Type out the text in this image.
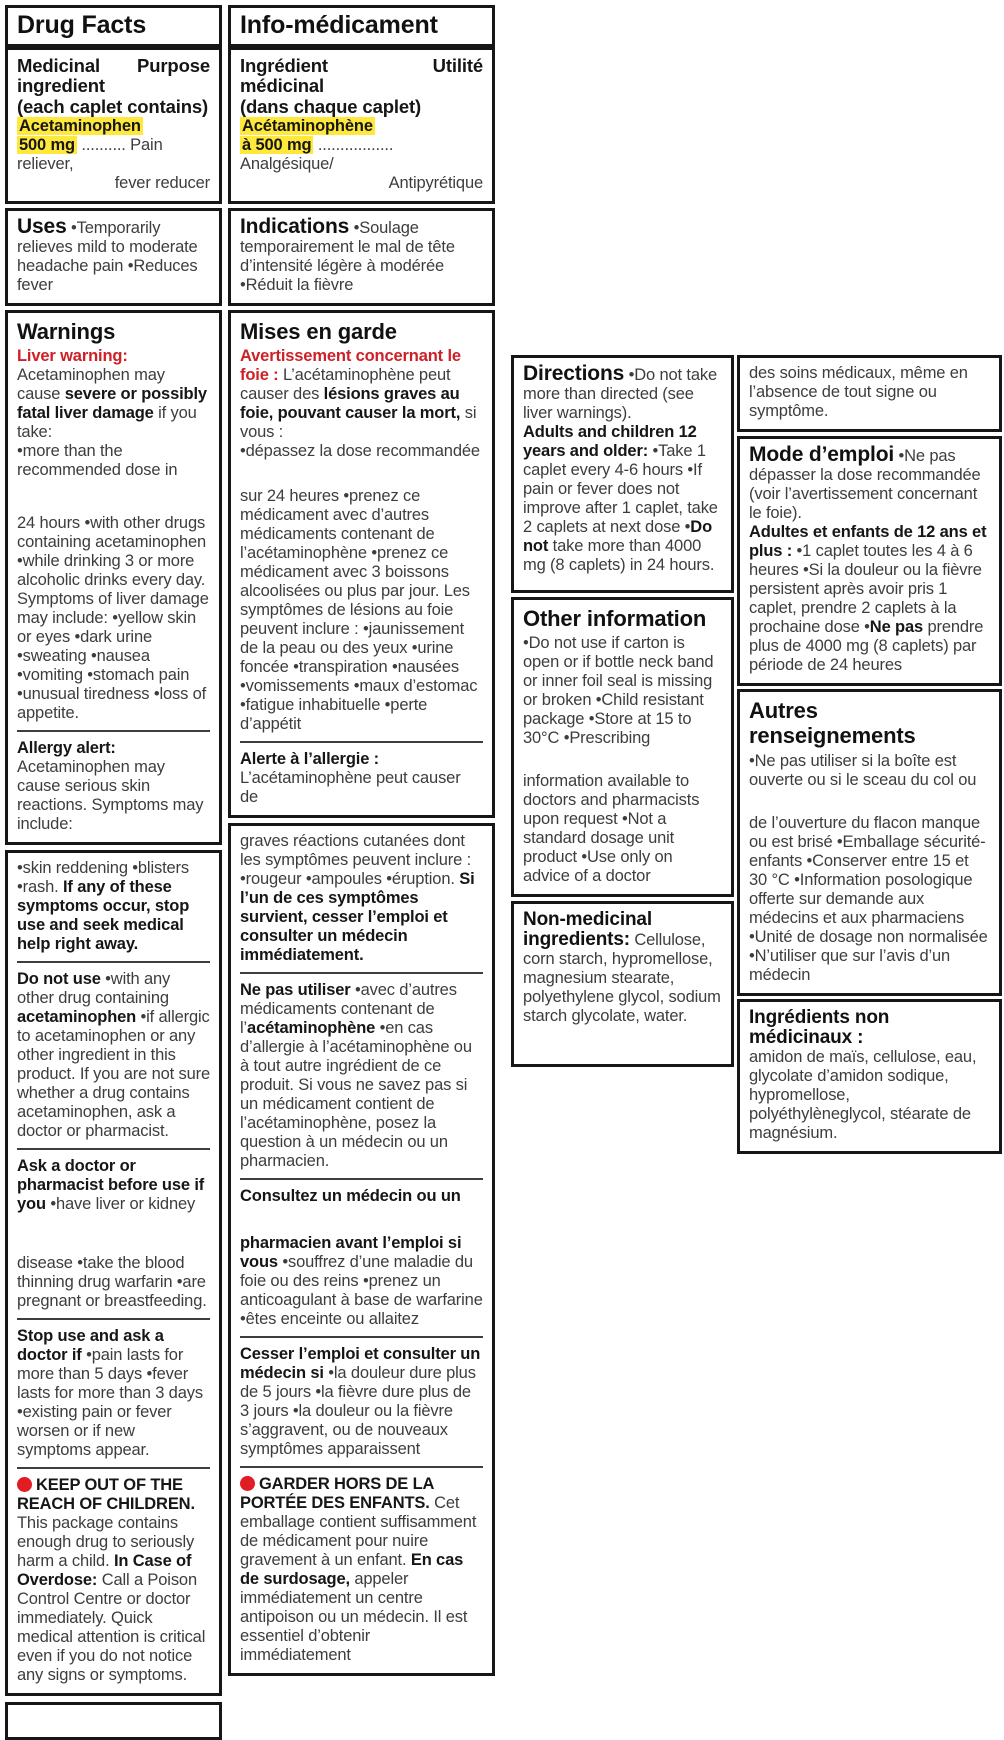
Drug Facts

Medicinal Purpose

ingredient

(each caplet contains)

Acetaminophen

500 mg .......... Pain reliever,

fever reducer

Uses •Temporarily relieves mild to moderate headache pain •Reduces fever

Warnings

Liver warning:

Acetaminophen may cause severe or possibly fatal liver damage if you take:

•more than the recommended dose in

24 hours •with other drugs containing acetaminophen •while drinking 3 or more alcoholic drinks every day. Symptoms of liver damage may include: •yellow skin or eyes •dark urine •sweating •nausea •vomiting •stomach pain •unusual tiredness •loss of appetite.

Allergy alert:

Acetaminophen may cause serious skin reactions. Symptoms may include:

•skin reddening •blisters •rash. If any of these symptoms occur, stop use and seek medical help right away.

Do not use •with any other drug containing acetaminophen •if allergic to acetaminophen or any other ingredient in this product. If you are not sure whether a drug contains acetaminophen, ask a doctor or pharmacist.

Ask a doctor or pharmacist before use if you •have liver or kidney

disease •take the blood thinning drug warfarin •are pregnant or breastfeeding.

Stop use and ask a doctor if •pain lasts for more than 5 days •fever lasts for more than 3 days •existing pain or fever worsen or if new symptoms appear.

KEEP OUT OF THE REACH OF CHILDREN. This package contains enough drug to seriously harm a child. In Case of Overdose: Call a Poison Control Centre or doctor immediately. Quick medical attention is critical even if you do not notice any signs or symptoms.

Info-médicament

Ingrédient	Utilité

médicinal

(dans chaque caplet)

Acétaminophène

à 500 mg ................. Analgésique/

Antipyrétique

Indications •Soulage temporairement le mal de tête d’intensité légère à modérée •Réduit la fièvre

Mises en garde

Avertissement concernant le foie : L’acétaminophène peut causer des lésions graves au foie, pouvant causer la mort, si vous :

•dépassez la dose recommandée

sur 24 heures •prenez ce médicament avec d’autres médicaments contenant de l’acétaminophène •prenez ce médicament avec 3 boissons alcoolisées ou plus par jour. Les symptômes de lésions au foie peuvent inclure : •jaunissement de la peau ou des yeux •urine foncée •transpiration •nausées •vomissements •maux d’estomac •fatigue inhabituelle •perte d’appétit

Alerte à l’allergie :

L’acétaminophène peut causer de

graves réactions cutanées dont les symptômes peuvent inclure : •rougeur •ampoules •éruption. Si l’un de ces symptômes survient, cesser l’emploi et consulter un médecin immédiatement.

Ne pas utiliser •avec d’autres médicaments contenant de l’acétaminophène •en cas d’allergie à l’acétaminophène ou à tout autre ingrédient de ce produit. Si vous ne savez pas si un médicament contient de l’acétaminophène, posez la question à un médecin ou un pharmacien.

Consultez un médecin ou un

pharmacien avant l’emploi si vous •souffrez d’une maladie du foie ou des reins •prenez un anticoagulant à base de warfarine •êtes enceinte ou allaitez

Cesser l’emploi et consulter un médecin si •la douleur dure plus de 5 jours •la fièvre dure plus de 3 jours •la douleur ou la fièvre s’aggravent, ou de nouveaux symptômes apparaissent

GARDER HORS DE LA PORTÉE DES ENFANTS. Cet emballage contient suffisamment de médicament pour nuire gravement à un enfant. En cas de surdosage, appeler immédiatement un centre antipoison ou un médecin. Il est essentiel d’obtenir immédiatement

Directions •Do not take more than directed (see liver warnings).

Adults and children 12 years and older: •Take 1 caplet every 4-6 hours •If pain or fever does not improve after 1 caplet, take 2 caplets at next dose •Do not take more than 4000 mg (8 caplets) in 24 hours.

Other information

•Do not use if carton is open or if bottle neck band or inner foil seal is missing or broken •Child resistant package •Store at 15 to 30°C •Prescribing

information available to doctors and pharmacists upon request •Not a standard dosage unit product •Use only on advice of a doctor

Non-medicinal ingredients: Cellulose, corn starch, hypromellose, magnesium stearate, polyethylene glycol, sodium starch glycolate, water.

des soins médicaux, même en l’absence de tout signe ou symptôme.

Mode d’emploi •Ne pas dépasser la dose recommandée (voir l’avertissement concernant le foie).

Adultes et enfants de 12 ans et plus : •1 caplet toutes les 4 à 6 heures •Si la douleur ou la fièvre persistent après avoir pris 1 caplet, prendre 2 caplets à la prochaine dose •Ne pas prendre plus de 4000 mg (8 caplets) par période de 24 heures

Autres renseignements

•Ne pas utiliser si la boîte est ouverte ou si le sceau du col ou

de l’ouverture du flacon manque ou est brisé •Emballage sécurité-enfants •Conserver entre 15 et 30 °C •Information posologique offerte sur demande aux médecins et aux pharmaciens •Unité de dosage non normalisée •N’utiliser que sur l’avis d’un médecin

Ingrédients non médicinaux :

amidon de maïs, cellulose, eau, glycolate d’amidon sodique, hypromellose, polyéthylèneglycol, stéarate de magnésium.
